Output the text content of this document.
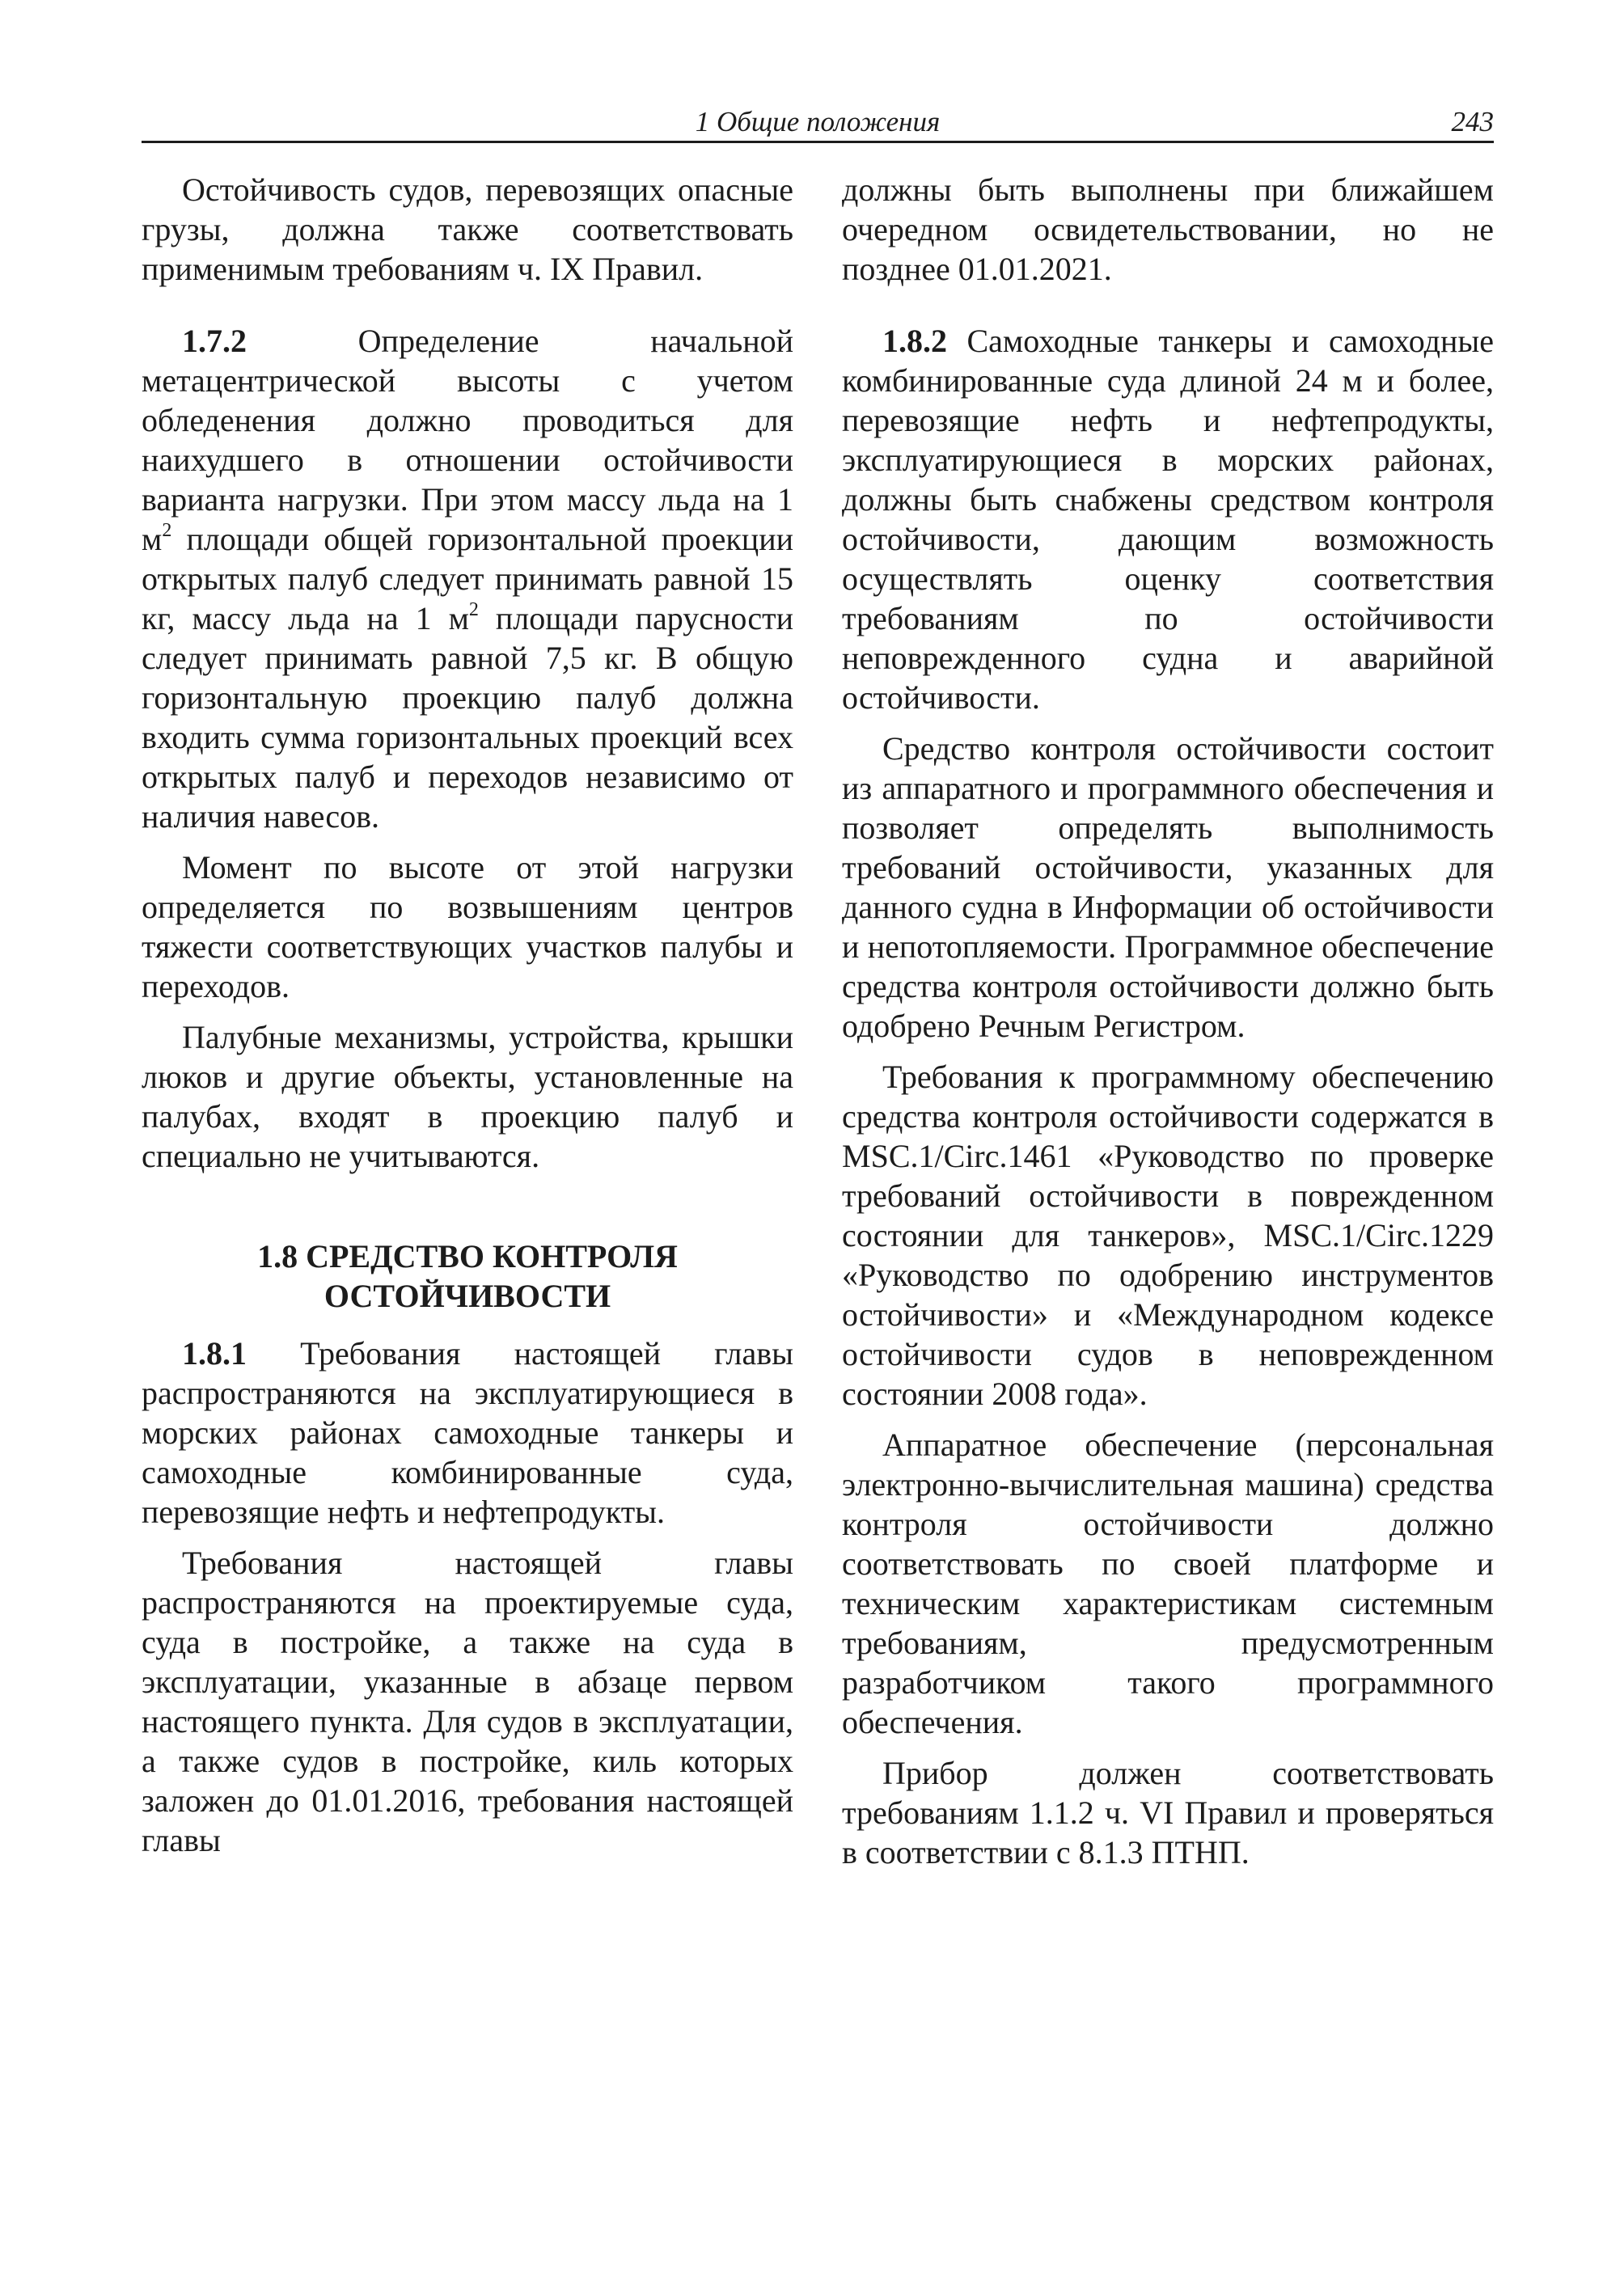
1 Общие положения	243

Остойчивость судов, перевозящих опасные грузы, должна также соответствовать применимым требованиям ч. IX Правил.

1.7.2 Определение начальной метацентрической высоты с учетом обледенения должно проводиться для наихудшего в отношении остойчивости варианта нагрузки. При этом массу льда на 1 $м^2$ площади общей горизонтальной проекции открытых палуб следует принимать равной 15 кг, массу льда на 1 $м^2$ площади парусности следует принимать равной 7,5 кг. В общую горизонтальную проекцию палуб должна входить сумма горизонтальных проекций всех открытых палуб и переходов независимо от наличия навесов.

Момент по высоте от этой нагрузки определяется по возвышениям центров тяжести соответствующих участков палубы и переходов.

Палубные механизмы, устройства, крышки люков и другие объекты, установленные на палубах, входят в проекцию палуб и специально не учитываются.

1.8 СРЕДСТВО КОНТРОЛЯ
ОСТОЙЧИВОСТИ

1.8.1 Требования настоящей главы распространяются на эксплуатирующиеся в морских районах самоходные танкеры и самоходные комбинированные суда, перевозящие нефть и нефтепродукты.

Требования настоящей главы распространяются на проектируемые суда, суда в постройке, а также на суда в эксплуатации, указанные в абзаце первом настоящего пункта. Для судов в эксплуатации, а также судов в постройке, киль которых заложен до 01.01.2016, требования настоящей главы

должны быть выполнены при ближайшем очередном освидетельствовании, но не позднее 01.01.2021.

1.8.2 Самоходные танкеры и самоходные комбинированные суда длиной 24 м и более, перевозящие нефть и нефтепродукты, эксплуатирующиеся в морских районах, должны быть снабжены средством контроля остойчивости, дающим возможность осуществлять оценку соответствия требованиям по остойчивости неповрежденного судна и аварийной остойчивости.

Средство контроля остойчивости состоит из аппаратного и программного обеспечения и позволяет определять выполнимость требований остойчивости, указанных для данного судна в Информации об остойчивости и непотопляемости. Программное обеспечение средства контроля остойчивости должно быть одобрено Речным Регистром.

Требования к программному обеспечению средства контроля остойчивости содержатся в MSC.1/Circ.1461 «Руководство по проверке требований остойчивости в поврежденном состоянии для танкеров», MSC.1/Circ.1229 «Руководство по одобрению инструментов остойчивости» и «Международном кодексе остойчивости судов в неповрежденном состоянии 2008 года».

Аппаратное обеспечение (персональная электронно-вычислительная машина) средства контроля остойчивости должно соответствовать по своей платформе и техническим характеристикам системным требованиям, предусмотренным разработчиком такого программного обеспечения.

Прибор должен соответствовать требованиям 1.1.2 ч. VI Правил и проверяться в соответствии с 8.1.3 ПТНП.
